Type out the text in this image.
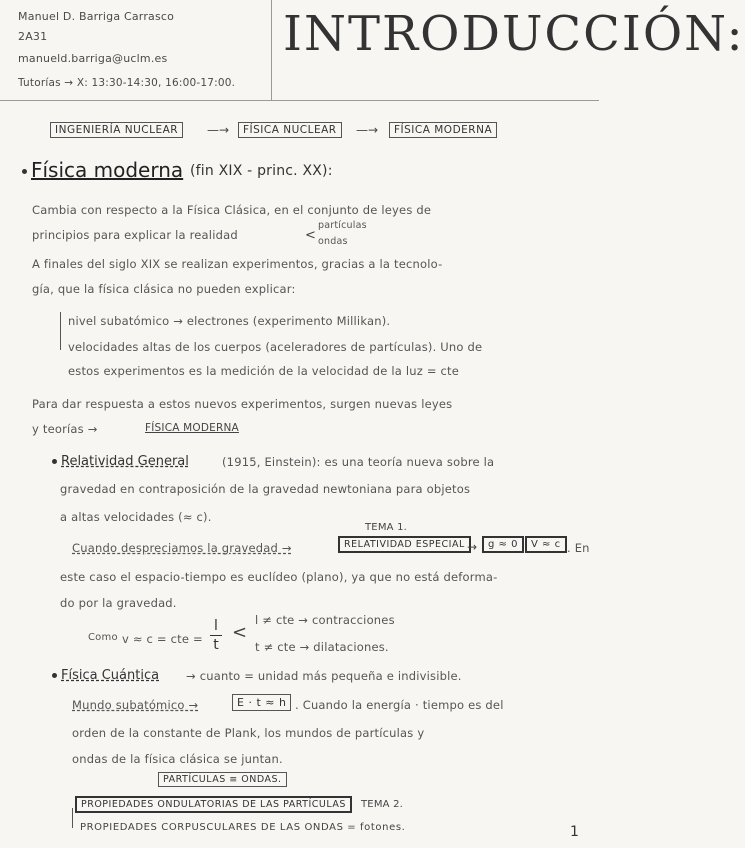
Manuel D. Barriga Carrasco
2A31
manueld.barriga@uclm.es
Tutorías → X: 13:30-14:30, 16:00-17:00.
INTRODUCCIÓN:
INGENIERÍA NUCLEAR	—→	FÍSICA NUCLEAR	—→	FÍSICA MODERNA
Física moderna (fin XIX - princ. XX):
Cambia con respecto a la Física Clásica, en el conjunto de leyes de
principios para explicar la realidad	<
partículas
ondas
A finales del siglo XIX se realizan experimentos, gracias a la tecnolo-
gía, que la física clásica no pueden explicar:
nivel subatómico → electrones (experimento Millikan).
velocidades altas de los cuerpos (aceleradores de partículas). Uno de
estos experimentos es la medición de la velocidad de la luz = cte
Para dar respuesta a estos nuevos experimentos, surgen nuevas leyes
y teorías →	FÍSICA MODERNA
Relatividad General	(1915, Einstein): es una teoría nueva sobre la
gravedad en contraposición de la gravedad newtoniana para objetos
a altas velocidades (≈ c).
TEMA 1.
Cuando despreciamos la gravedad →	RELATIVIDAD ESPECIAL →	g ≈ 0	V ≈ c . En
este caso el espacio-tiempo es euclídeo (plano), ya que no está deforma-
do por la gravedad.
Como v ≈ c = cte =
l
t
<
l ≠ cte → contracciones
t ≠ cte → dilataciones.
Física Cuántica → cuanto = unidad más pequeña e indivisible.
Mundo subatómico →	E · t ≈ h . Cuando la energía · tiempo es del
orden de la constante de Plank, los mundos de partículas y
ondas de la física clásica se juntan.
PARTÍCULAS ≡ ONDAS.
PROPIEDADES ONDULATORIAS DE LAS PARTÍCULAS	TEMA 2.
PROPIEDADES CORPUSCULARES DE LAS ONDAS = fotones.	1
